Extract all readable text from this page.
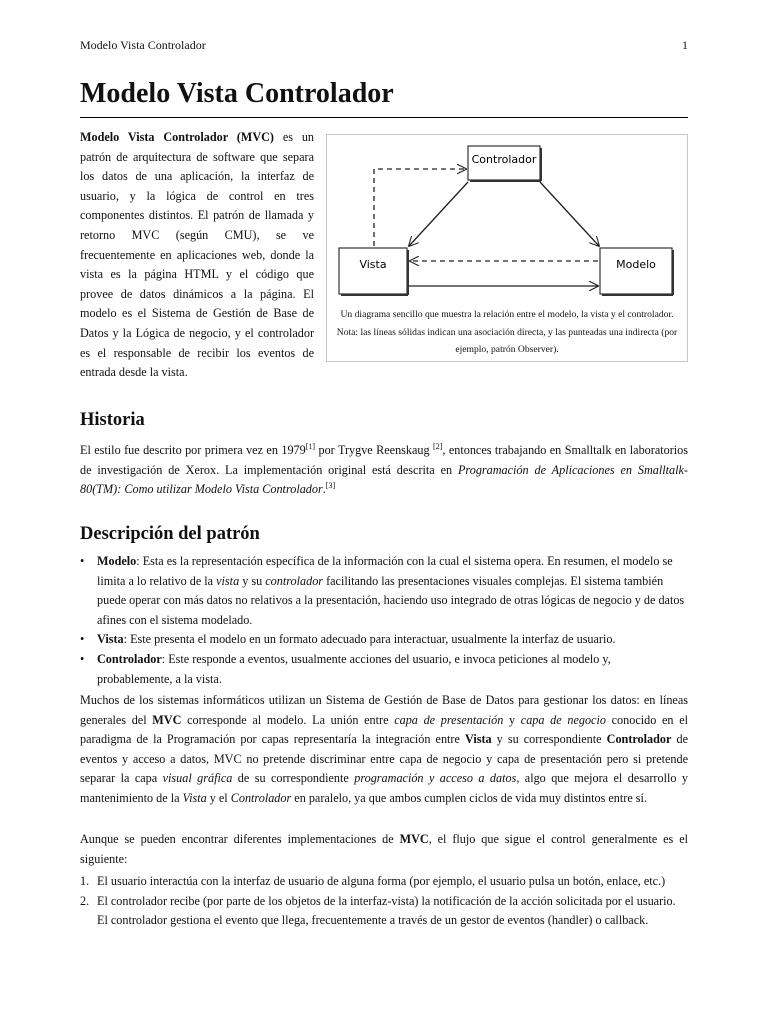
Modelo Vista Controlador	1
Modelo Vista Controlador

Modelo Vista Controlador (MVC) es un patrón de arquitectura de software que separa los datos de una aplicación, la interfaz de usuario, y la lógica de control en tres componentes distintos. El patrón de llamada y retorno MVC (según CMU), se ve frecuentemente en aplicaciones web, donde la vista es la página HTML y el código que provee de datos dinámicos a la página. El modelo es el Sistema de Gestión de Base de Datos y la Lógica de negocio, y el controlador es el responsable de recibir los eventos de entrada desde la vista.

Controlador
Vista	Modelo

Un diagrama sencillo que muestra la relación entre el modelo, la vista y el controlador. Nota: las líneas sólidas indican una asociación directa, y las punteadas una indirecta (por ejemplo, patrón Observer).

Historia

El estilo fue descrito por primera vez en 1979[1] por Trygve Reenskaug [2], entonces trabajando en Smalltalk en laboratorios de investigación de Xerox. La implementación original está descrita en Programación de Aplicaciones en Smalltalk-80(TM): Como utilizar Modelo Vista Controlador.[3]

Descripción del patrón
• Modelo: Esta es la representación específica de la información con la cual el sistema opera. En resumen, el modelo se limita a lo relativo de la vista y su controlador facilitando las presentaciones visuales complejas. El sistema también puede operar con más datos no relativos a la presentación, haciendo uso integrado de otras lógicas de negocio y de datos afines con el sistema modelado.
• Vista: Este presenta el modelo en un formato adecuado para interactuar, usualmente la interfaz de usuario.
• Controlador: Este responde a eventos, usualmente acciones del usuario, e invoca peticiones al modelo y, probablemente, a la vista.

Muchos de los sistemas informáticos utilizan un Sistema de Gestión de Base de Datos para gestionar los datos: en líneas generales del MVC corresponde al modelo. La unión entre capa de presentación y capa de negocio conocido en el paradigma de la Programación por capas representaría la integración entre Vista y su correspondiente Controlador de eventos y acceso a datos, MVC no pretende discriminar entre capa de negocio y capa de presentación pero si pretende separar la capa visual gráfica de su correspondiente programación y acceso a datos, algo que mejora el desarrollo y mantenimiento de la Vista y el Controlador en paralelo, ya que ambos cumplen ciclos de vida muy distintos entre sí.

Aunque se pueden encontrar diferentes implementaciones de MVC, el flujo que sigue el control generalmente es el siguiente:

1. El usuario interactúa con la interfaz de usuario de alguna forma (por ejemplo, el usuario pulsa un botón, enlace, etc.)
2. El controlador recibe (por parte de los objetos de la interfaz-vista) la notificación de la acción solicitada por el usuario. El controlador gestiona el evento que llega, frecuentemente a través de un gestor de eventos (handler) o callback.
